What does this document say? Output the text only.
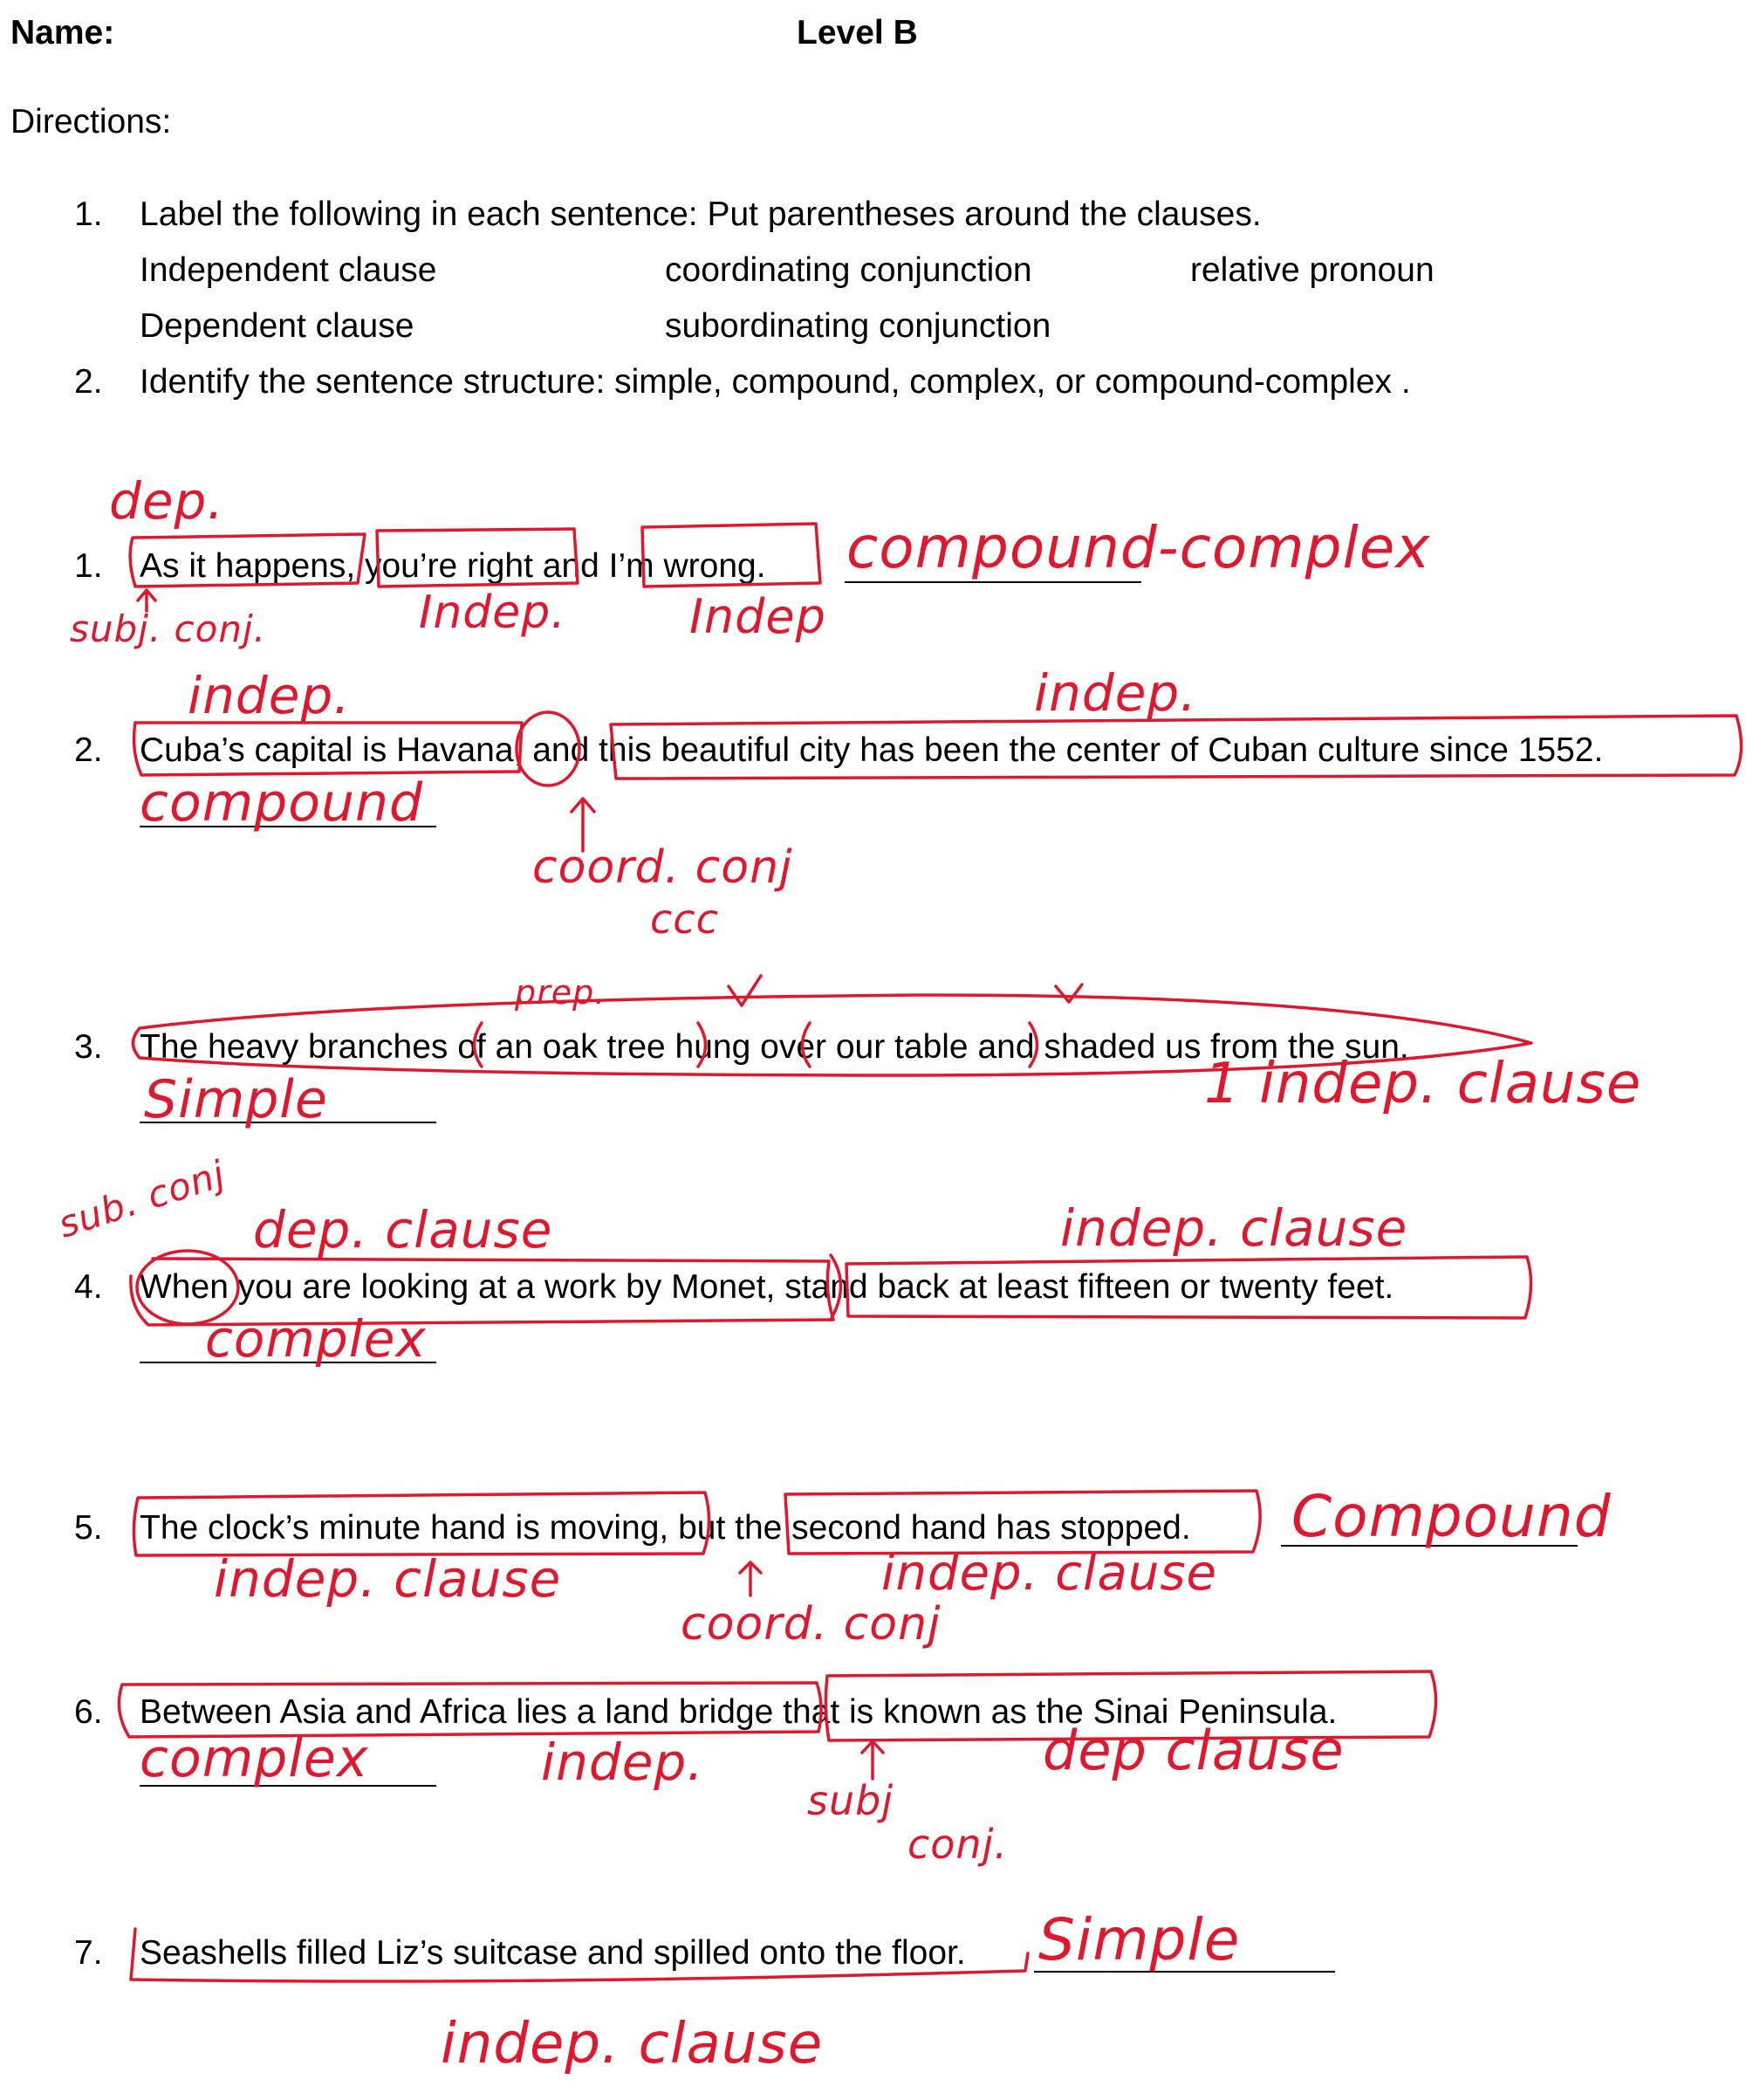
Name:	Level B
Directions:
1. Label the following in each sentence: Put parentheses around the clauses.
Independent clause	coordinating conjunction	relative pronoun
Dependent clause	subordinating conjunction
2. Identify the sentence structure: simple, compound, complex, or compound-complex .
1. As it happens, you’re right and I’m wrong.
2. Cuba’s capital is Havana, and this beautiful city has been the center of Cuban culture since 1552.
3. The heavy branches of an oak tree hung over our table and shaded us from the sun.
4. When you are looking at a work by Monet, stand back at least fifteen or twenty feet.
5. The clock’s minute hand is moving, but the second hand has stopped.
6. Between Asia and Africa lies a land bridge that is known as the Sinai Peninsula.
7. Seashells filled Liz’s suitcase and spilled onto the floor.
dep.
compound-complex
subj. conj.	Indep.	Indep
indep.	indep.
compound
coord. conj
ccc
prep.
Simple	1 indep. clause
sub. conj dep. clause	indep. clause
complex
Compound
indep. clause	indep. clause
coord. conj
complex	indep.	dep clause
subj
conj.
Simple
indep. clause
